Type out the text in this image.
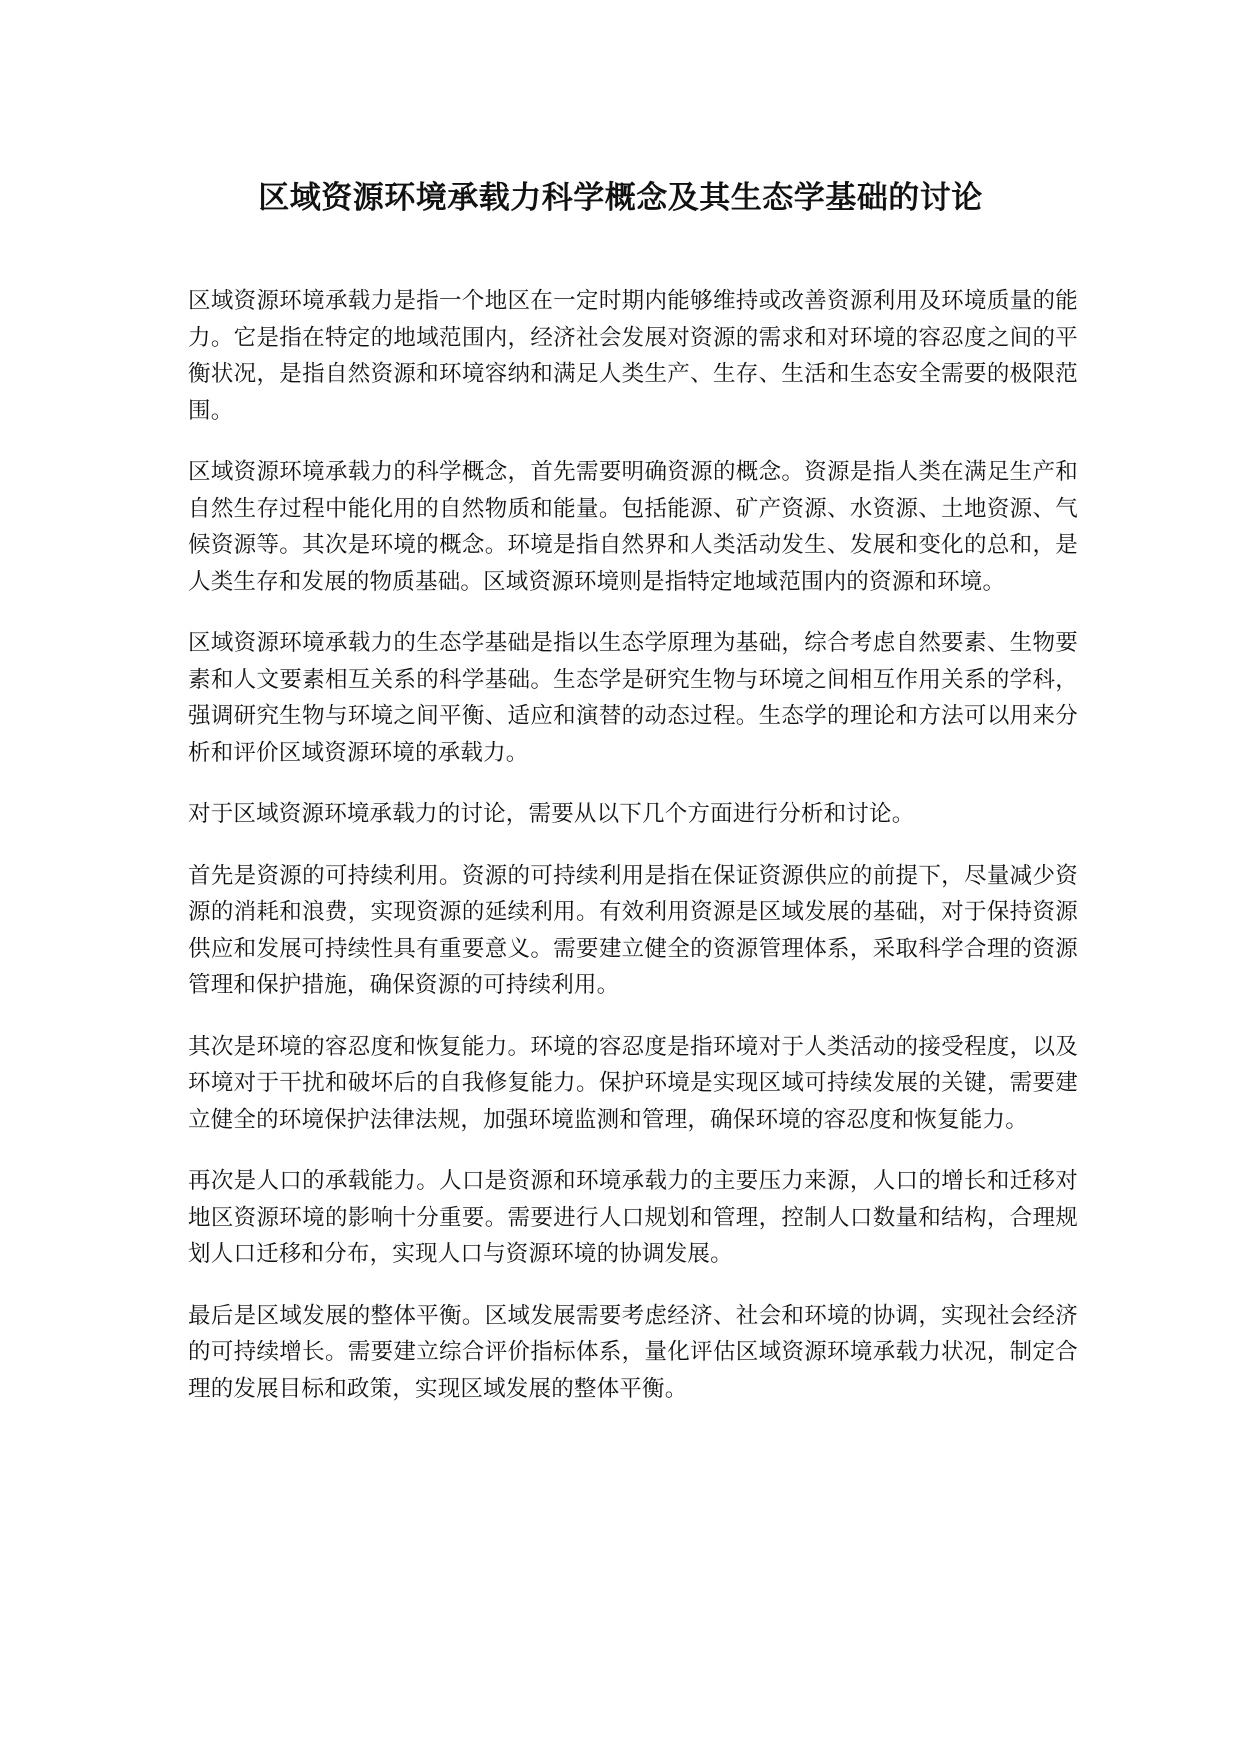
区域资源环境承载力科学概念及其生态学基础的讨论

区域资源环境承载力是指一个地区在一定时期内能够维持或改善资源利用及环境质量的能力。它是指在特定的地域范围内，经济社会发展对资源的需求和对环境的容忍度之间的平衡状况，是指自然资源和环境容纳和满足人类生产、生存、生活和生态安全需要的极限范围。

区域资源环境承载力的科学概念，首先需要明确资源的概念。资源是指人类在满足生产和自然生存过程中能化用的自然物质和能量。包括能源、矿产资源、水资源、土地资源、气候资源等。其次是环境的概念。环境是指自然界和人类活动发生、发展和变化的总和，是人类生存和发展的物质基础。区域资源环境则是指特定地域范围内的资源和环境。

区域资源环境承载力的生态学基础是指以生态学原理为基础，综合考虑自然要素、生物要素和人文要素相互关系的科学基础。生态学是研究生物与环境之间相互作用关系的学科，强调研究生物与环境之间平衡、适应和演替的动态过程。生态学的理论和方法可以用来分析和评价区域资源环境的承载力。

对于区域资源环境承载力的讨论，需要从以下几个方面进行分析和讨论。

首先是资源的可持续利用。资源的可持续利用是指在保证资源供应的前提下，尽量减少资源的消耗和浪费，实现资源的延续利用。有效利用资源是区域发展的基础，对于保持资源供应和发展可持续性具有重要意义。需要建立健全的资源管理体系，采取科学合理的资源管理和保护措施，确保资源的可持续利用。

其次是环境的容忍度和恢复能力。环境的容忍度是指环境对于人类活动的接受程度，以及环境对于干扰和破坏后的自我修复能力。保护环境是实现区域可持续发展的关键，需要建立健全的环境保护法律法规，加强环境监测和管理，确保环境的容忍度和恢复能力。

再次是人口的承载能力。人口是资源和环境承载力的主要压力来源，人口的增长和迁移对地区资源环境的影响十分重要。需要进行人口规划和管理，控制人口数量和结构，合理规划人口迁移和分布，实现人口与资源环境的协调发展。

最后是区域发展的整体平衡。区域发展需要考虑经济、社会和环境的协调，实现社会经济的可持续增长。需要建立综合评价指标体系，量化评估区域资源环境承载力状况，制定合理的发展目标和政策，实现区域发展的整体平衡。
